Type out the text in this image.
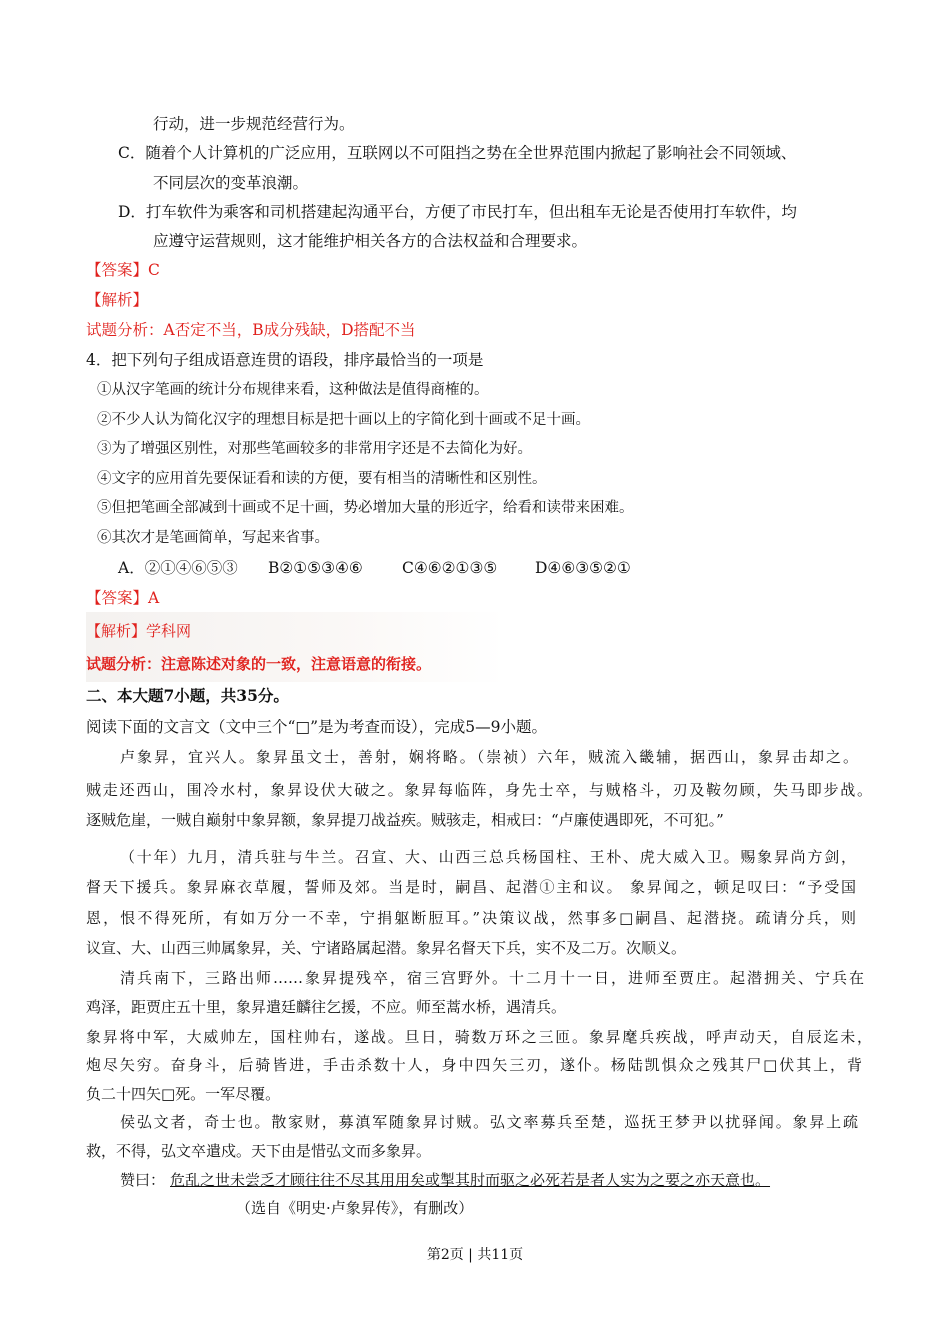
行动，进一步规范经营行为。
C．随着个人计算机的广泛应用，互联网以不可阻挡之势在全世界范围内掀起了影响社会不同领域、
不同层次的变革浪潮。
D．打车软件为乘客和司机搭建起沟通平台，方便了市民打车，但出租车无论是否使用打车软件，均
应遵守运营规则，这才能维护相关各方的合法权益和合理要求。
【答案】C
【解析】
试题分析：A否定不当，B成分残缺，D搭配不当
4．把下列句子组成语意连贯的语段，排序最恰当的一项是
①从汉字笔画的统计分布规律来看，这种做法是值得商榷的。
②不少人认为简化汉字的理想目标是把十画以上的字简化到十画或不足十画。
③为了增强区别性，对那些笔画较多的非常用字还是不去简化为好。
④文字的应用首先要保证看和读的方便，要有相当的清晰性和区别性。
⑤但把笔画全部减到十画或不足十画，势必增加大量的形近字，给看和读带来困难。
⑥其次才是笔画简单，写起来省事。
A．②①④⑥⑤③ B②①⑤③④⑥	C④⑥②①③⑤ D④⑥③⑤②①
【答案】A
【解析】学科网
试题分析：注意陈述对象的一致，注意语意的衔接。
二、本大题7小题，共35分。
阅读下面的文言文（文中三个“□”是为考查而设），完成5—9小题。
卢象昇，宜兴人。象昇虽文士，善射，娴将略。（崇祯）六年，贼流入畿辅，据西山，象昇击却之。
贼走还西山，围冷水村，象昇设伏大破之。象昇每临阵，身先士卒，与贼格斗，刃及鞍勿顾，失马即步战。
逐贼危崖，一贼自巅射中象昇额，象昇提刀战益疾。贼骇走，相戒曰：“卢廉使遇即死，不可犯。”
（十年）九月，清兵驻与牛兰。召宣、大、山西三总兵杨国柱、王朴、虎大威入卫。赐象昇尚方剑，
督天下援兵。象昇麻衣草履，誓师及郊。当是时，嗣昌、起潜①主和议。 象昇闻之，顿足叹曰：“予受国
恩，恨不得死所，有如万分一不幸，宁捐躯断脰耳。”决策议战，然事多□嗣昌、起潜挠。疏请分兵，则
议宣、大、山西三帅属象昇，关、宁诸路属起潜。象昇名督天下兵，实不及二万。次顺义。
清兵南下，三路出师……象昇提残卒，宿三宫野外。十二月十一日，进师至贾庄。起潜拥关、宁兵在
鸡泽，距贾庄五十里，象昇遣廷麟往乞援，不应。师至蒿水桥，遇清兵。
象昇将中军，大威帅左，国柱帅右，遂战。旦日，骑数万环之三匝。象昇麾兵疾战，呼声动天，自辰迄未，
炮尽矢穷。奋身斗，后骑皆进，手击杀数十人，身中四矢三刃，遂仆。杨陆凯惧众之残其尸□伏其上，背
负二十四矢□死。一军尽覆。
侯弘文者，奇士也。散家财，募滇军随象昇讨贼。弘文率募兵至楚，巡抚王梦尹以扰驿闻。象昇上疏
救，不得，弘文卒遣戍。天下由是惜弘文而多象昇。
赞曰： 危乱之世未尝乏才顾往往不尽其用用矣或掣其肘而驱之必死若是者人实为之要之亦天意也。
（选自《明史·卢象昇传》，有删改）
第2页 | 共11页
